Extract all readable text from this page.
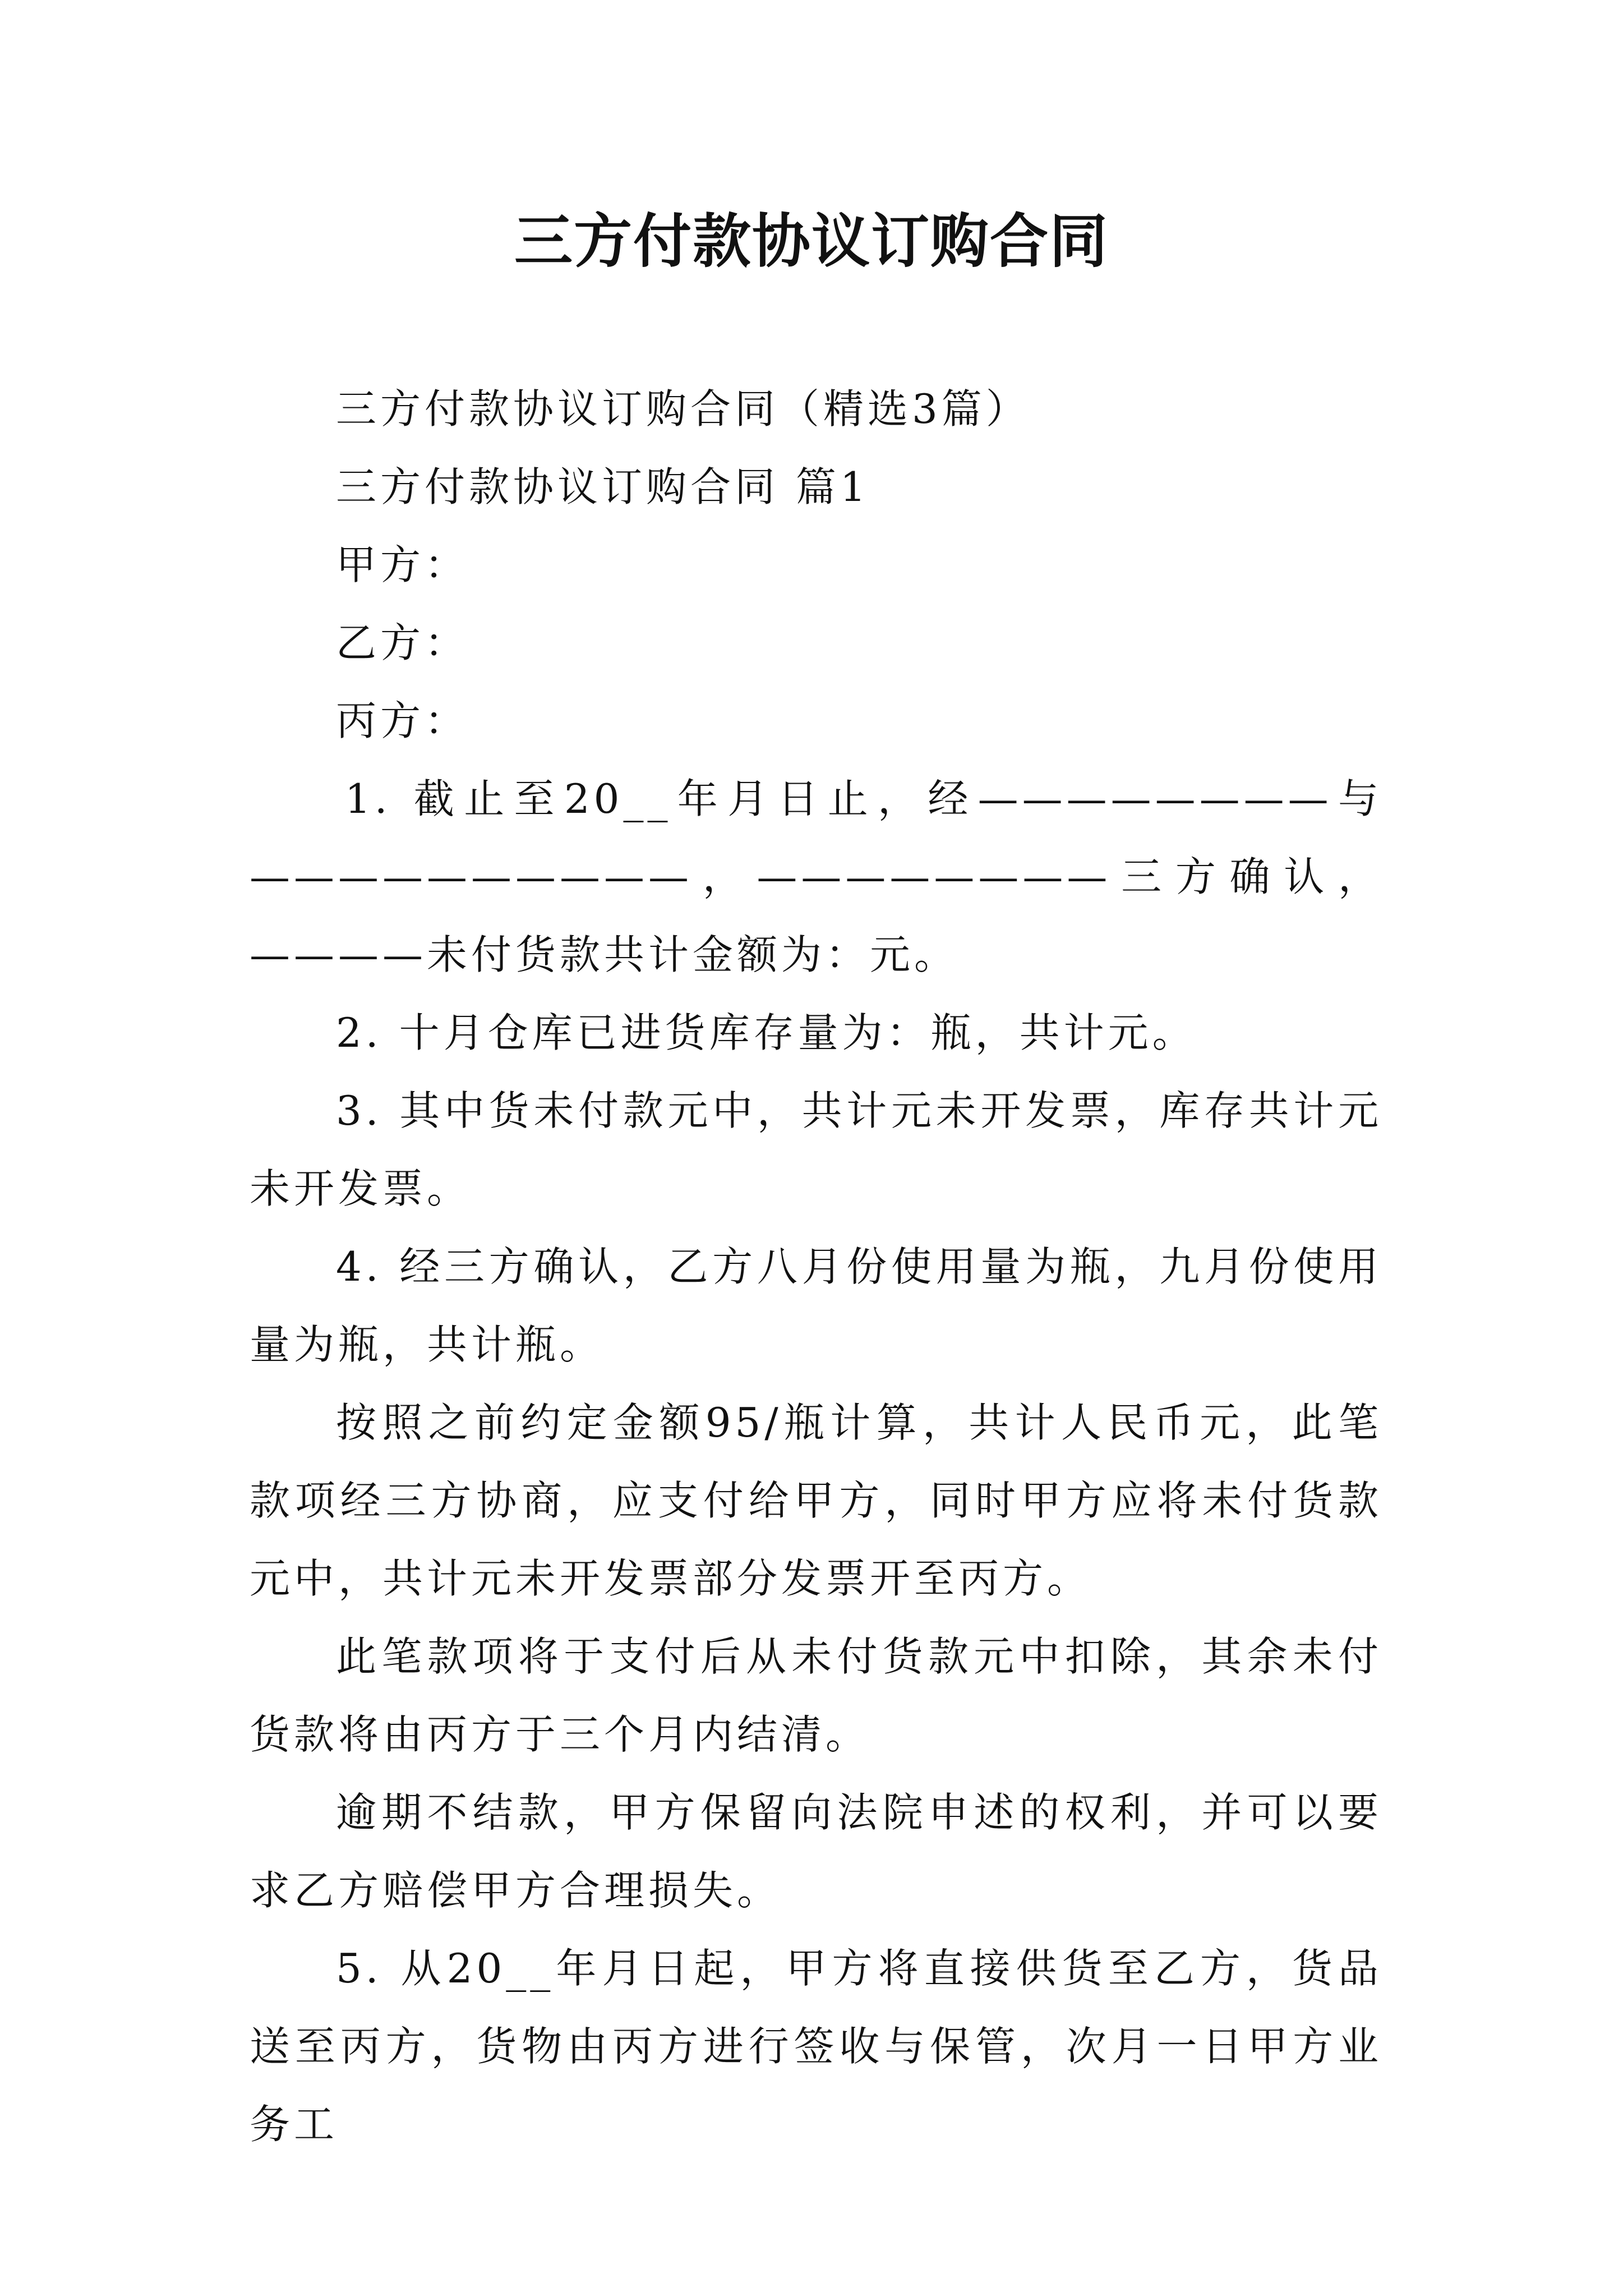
三方付款协议订购合同

三方付款协议订购合同（精选3篇）

三方付款协议订购合同 篇1

甲方：

乙方：

丙方：

1. 截止至20__年月日止，经————————与——————————，————————三方确认，————未付货款共计金额为：元。

2. 十月仓库已进货库存量为：瓶，共计元。

3. 其中货未付款元中，共计元未开发票，库存共计元未开发票。

4. 经三方确认，乙方八月份使用量为瓶，九月份使用量为瓶，共计瓶。

按照之前约定金额95/瓶计算，共计人民币元，此笔款项经三方协商，应支付给甲方，同时甲方应将未付货款元中，共计元未开发票部分发票开至丙方。

此笔款项将于支付后从未付货款元中扣除，其余未付货款将由丙方于三个月内结清。

逾期不结款，甲方保留向法院申述的权利，并可以要求乙方赔偿甲方合理损失。

5. 从20__年月日起，甲方将直接供货至乙方，货品送至丙方，货物由丙方进行签收与保管，次月一日甲方业务工
